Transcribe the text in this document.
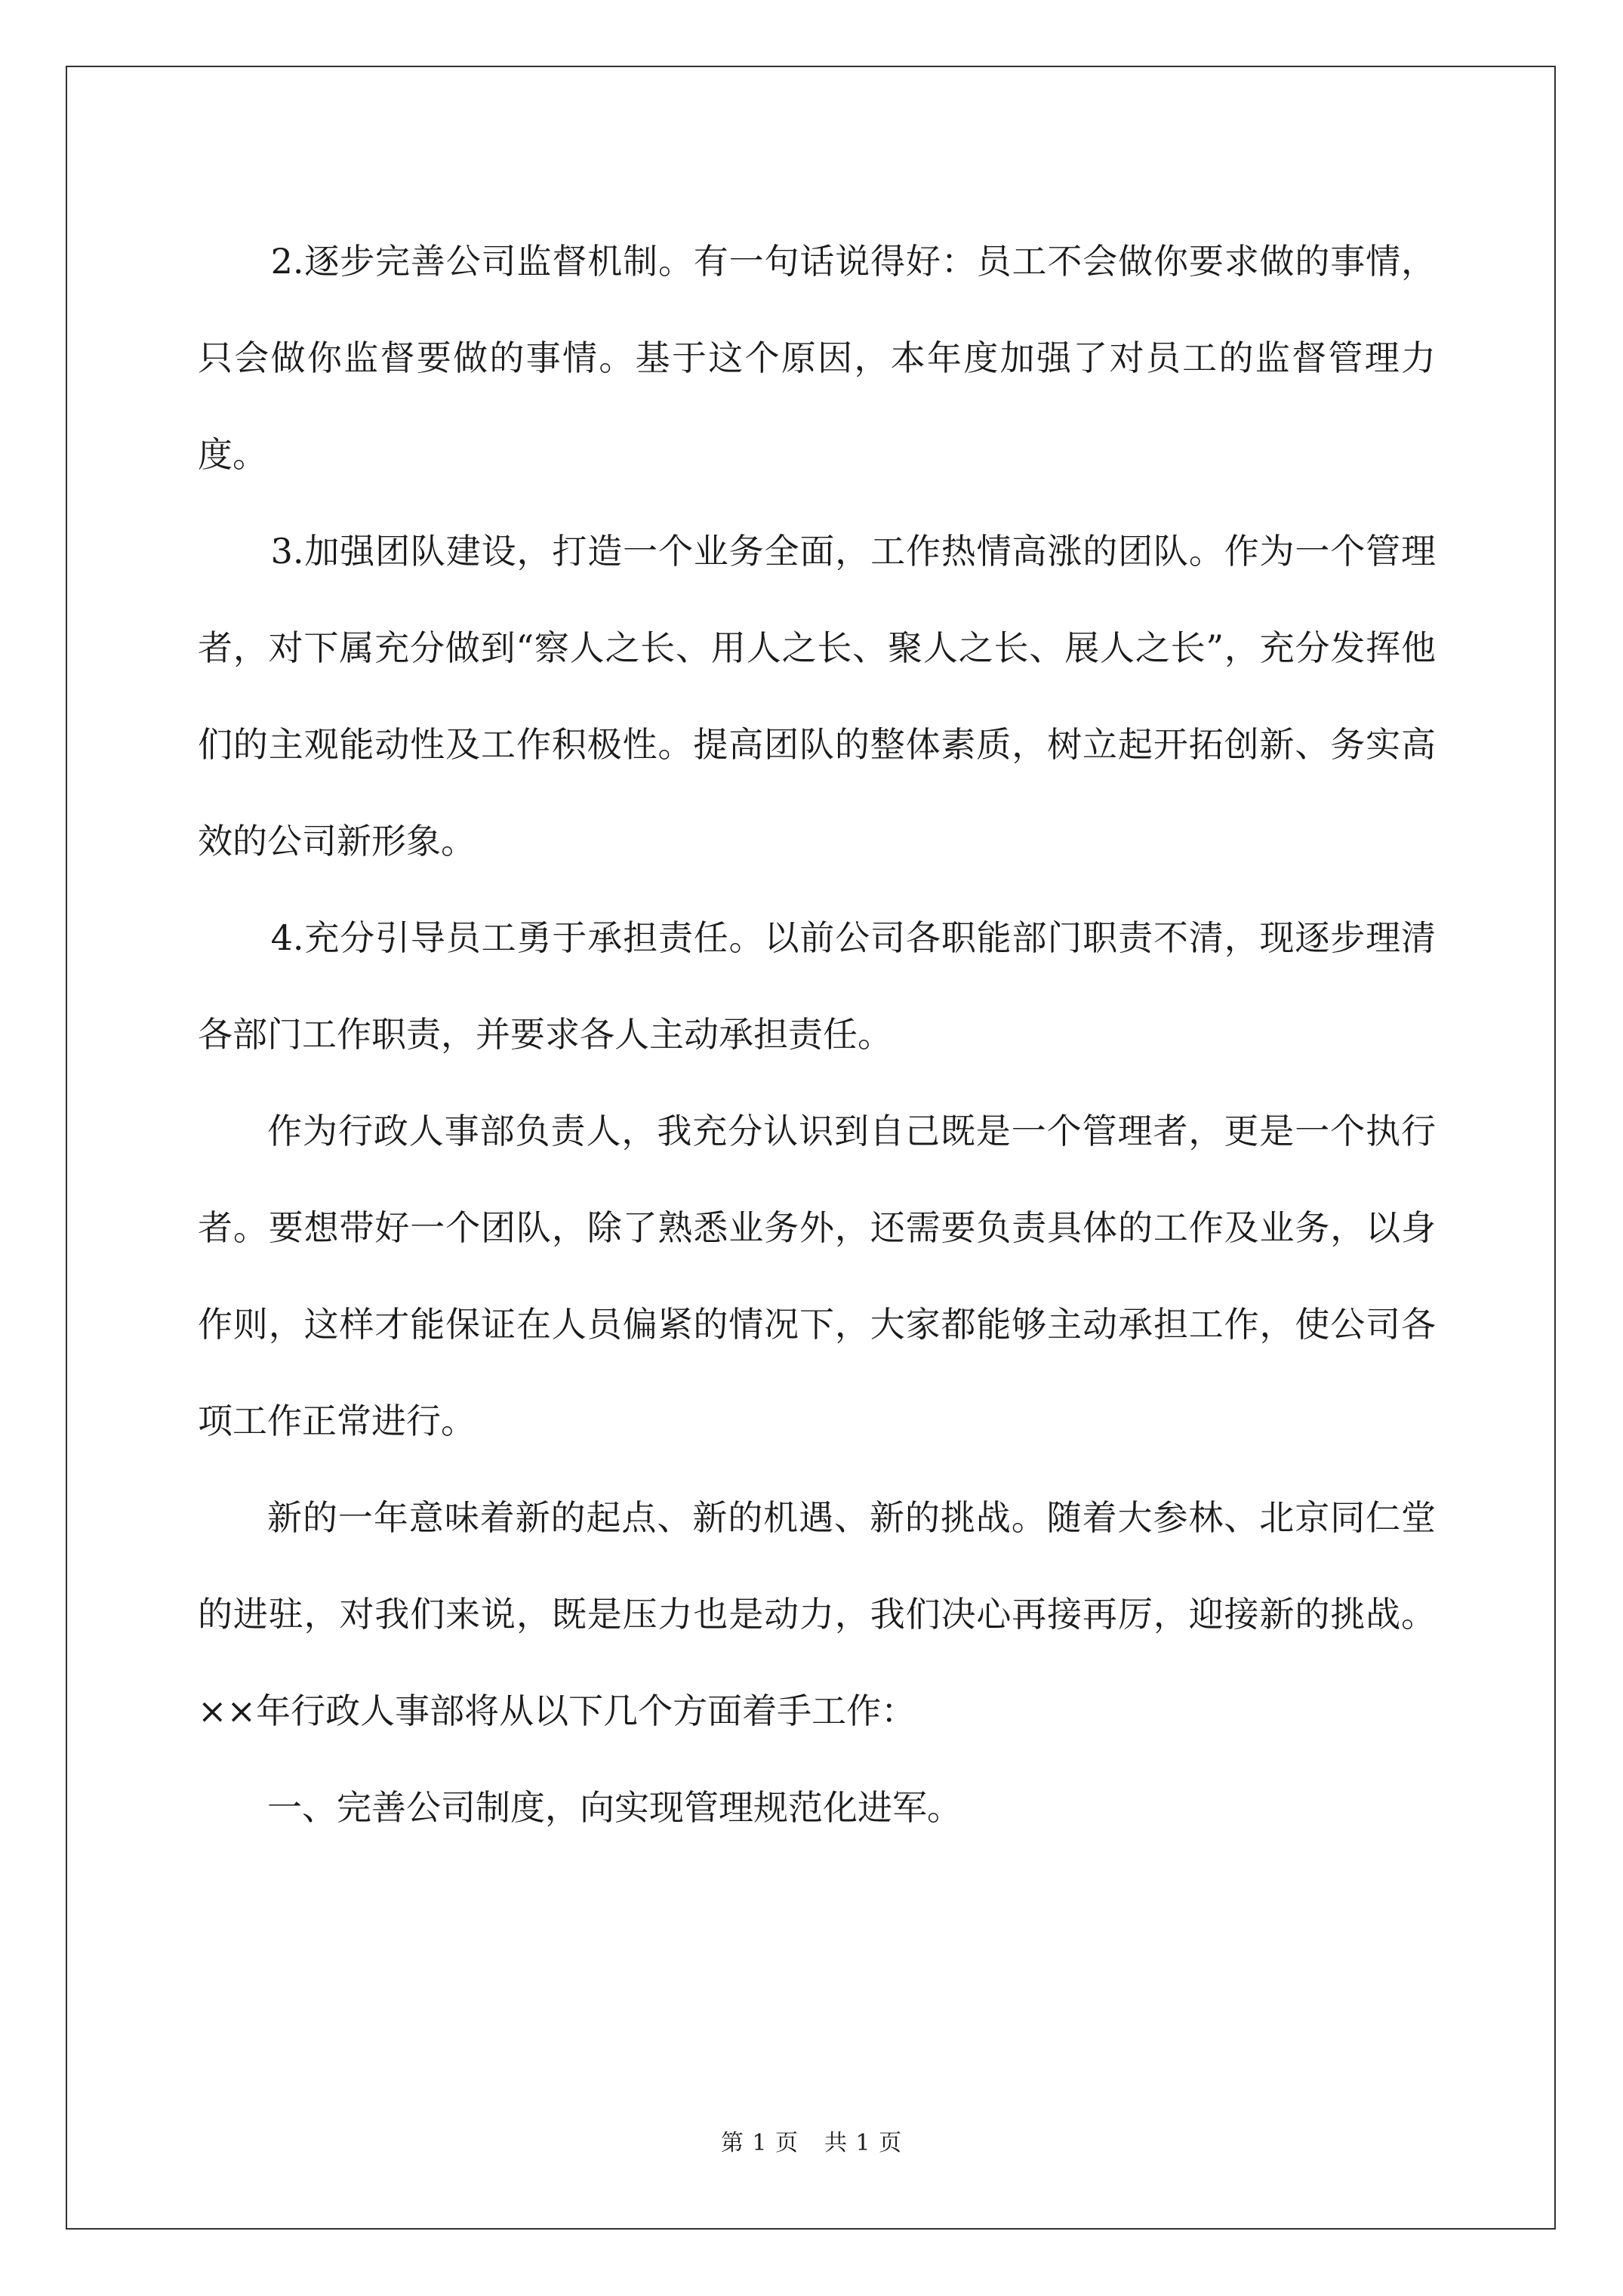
2.逐步完善公司监督机制。有一句话说得好：员工不会做你要求做的事情，只会做你监督要做的事情。基于这个原因，本年度加强了对员工的监督管理力度。

3.加强团队建设，打造一个业务全面，工作热情高涨的团队。作为一个管理者，对下属充分做到“察人之长、用人之长、聚人之长、展人之长”，充分发挥他们的主观能动性及工作积极性。提高团队的整体素质，树立起开拓创新、务实高效的公司新形象。

4.充分引导员工勇于承担责任。以前公司各职能部门职责不清，现逐步理清各部门工作职责，并要求各人主动承担责任。

作为行政人事部负责人，我充分认识到自己既是一个管理者，更是一个执行者。要想带好一个团队，除了熟悉业务外，还需要负责具体的工作及业务，以身作则，这样才能保证在人员偏紧的情况下，大家都能够主动承担工作，使公司各项工作正常进行。

新的一年意味着新的起点、新的机遇、新的挑战。随着大参林、北京同仁堂的进驻，对我们来说，既是压力也是动力，我们决心再接再厉，迎接新的挑战。××年行政人事部将从以下几个方面着手工作：

一、完善公司制度，向实现管理规范化进军。

第 1 页 共 1 页
